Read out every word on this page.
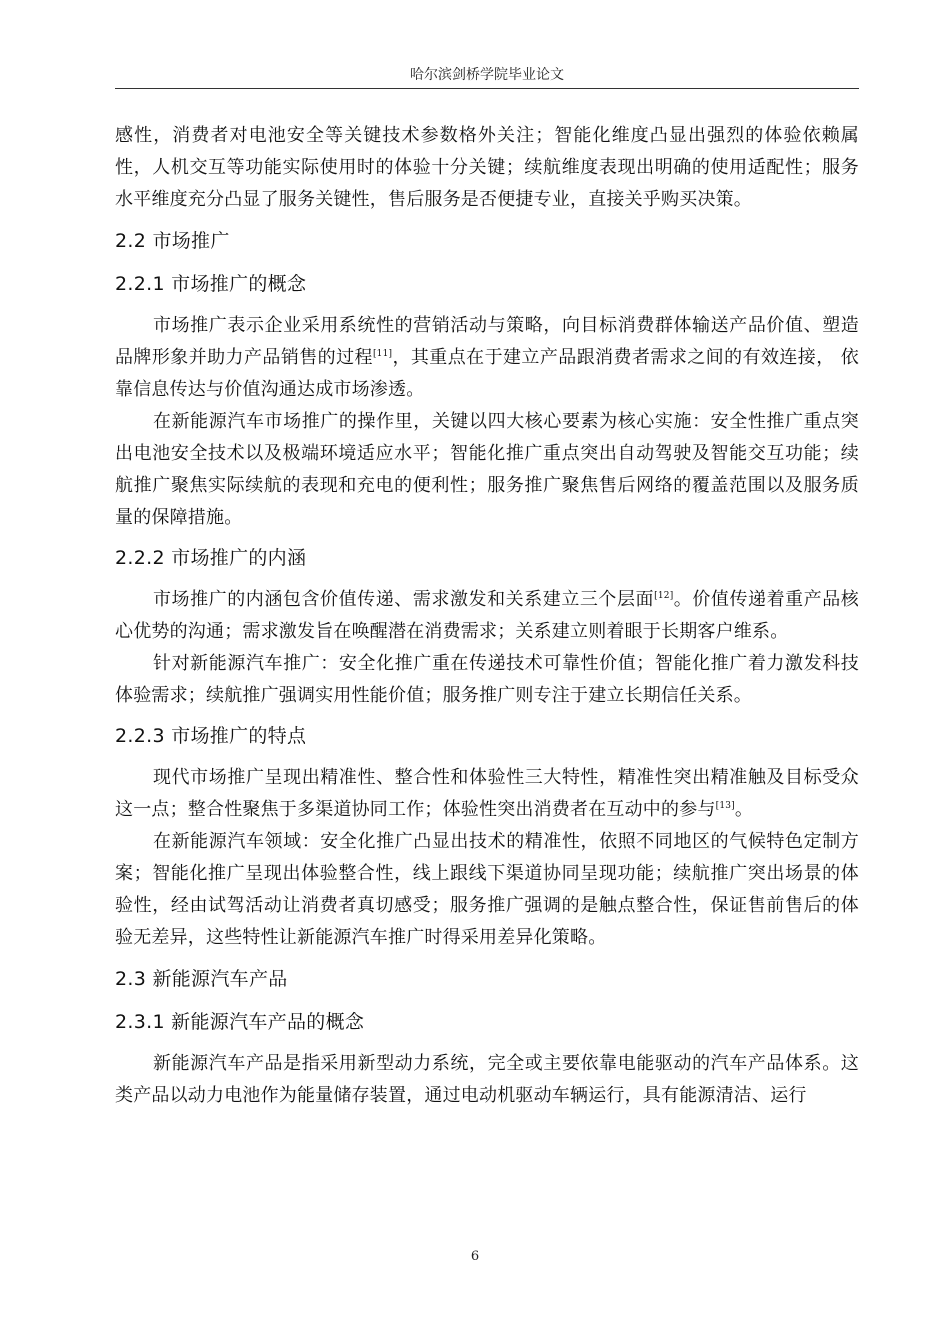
哈尔滨剑桥学院毕业论文

感性，消费者对电池安全等关键技术参数格外关注；智能化维度凸显出强烈的体验依赖属性，人机交互等功能实际使用时的体验十分关键；续航维度表现出明确的使用适配性；服务水平维度充分凸显了服务关键性，售后服务是否便捷专业，直接关乎购买决策。

2.2 市场推广
2.2.1 市场推广的概念

市场推广表示企业采用系统性的营销活动与策略，向目标消费群体输送产品价值、塑造品牌形象并助力产品销售的过程[11]，其重点在于建立产品跟消费者需求之间的有效连接， 依靠信息传达与价值沟通达成市场渗透。

在新能源汽车市场推广的操作里，关键以四大核心要素为核心实施：安全性推广重点突出电池安全技术以及极端环境适应水平；智能化推广重点突出自动驾驶及智能交互功能；续航推广聚焦实际续航的表现和充电的便利性；服务推广聚焦售后网络的覆盖范围以及服务质量的保障措施。

2.2.2 市场推广的内涵

市场推广的内涵包含价值传递、需求激发和关系建立三个层面[12]。价值传递着重产品核心优势的沟通；需求激发旨在唤醒潜在消费需求；关系建立则着眼于长期客户维系。

针对新能源汽车推广：安全化推广重在传递技术可靠性价值；智能化推广着力激发科技体验需求；续航推广强调实用性能价值；服务推广则专注于建立长期信任关系。

2.2.3 市场推广的特点

现代市场推广呈现出精准性、整合性和体验性三大特性，精准性突出精准触及目标受众这一点；整合性聚焦于多渠道协同工作；体验性突出消费者在互动中的参与[13]。

在新能源汽车领域：安全化推广凸显出技术的精准性，依照不同地区的气候特色定制方案；智能化推广呈现出体验整合性，线上跟线下渠道协同呈现功能；续航推广突出场景的体验性，经由试驾活动让消费者真切感受；服务推广强调的是触点整合性，保证售前售后的体验无差异，这些特性让新能源汽车推广时得采用差异化策略。

2.3 新能源汽车产品
2.3.1 新能源汽车产品的概念

新能源汽车产品是指采用新型动力系统，完全或主要依靠电能驱动的汽车产品体系。这类产品以动力电池作为能量储存装置，通过电动机驱动车辆运行，具有能源清洁、运行

6
